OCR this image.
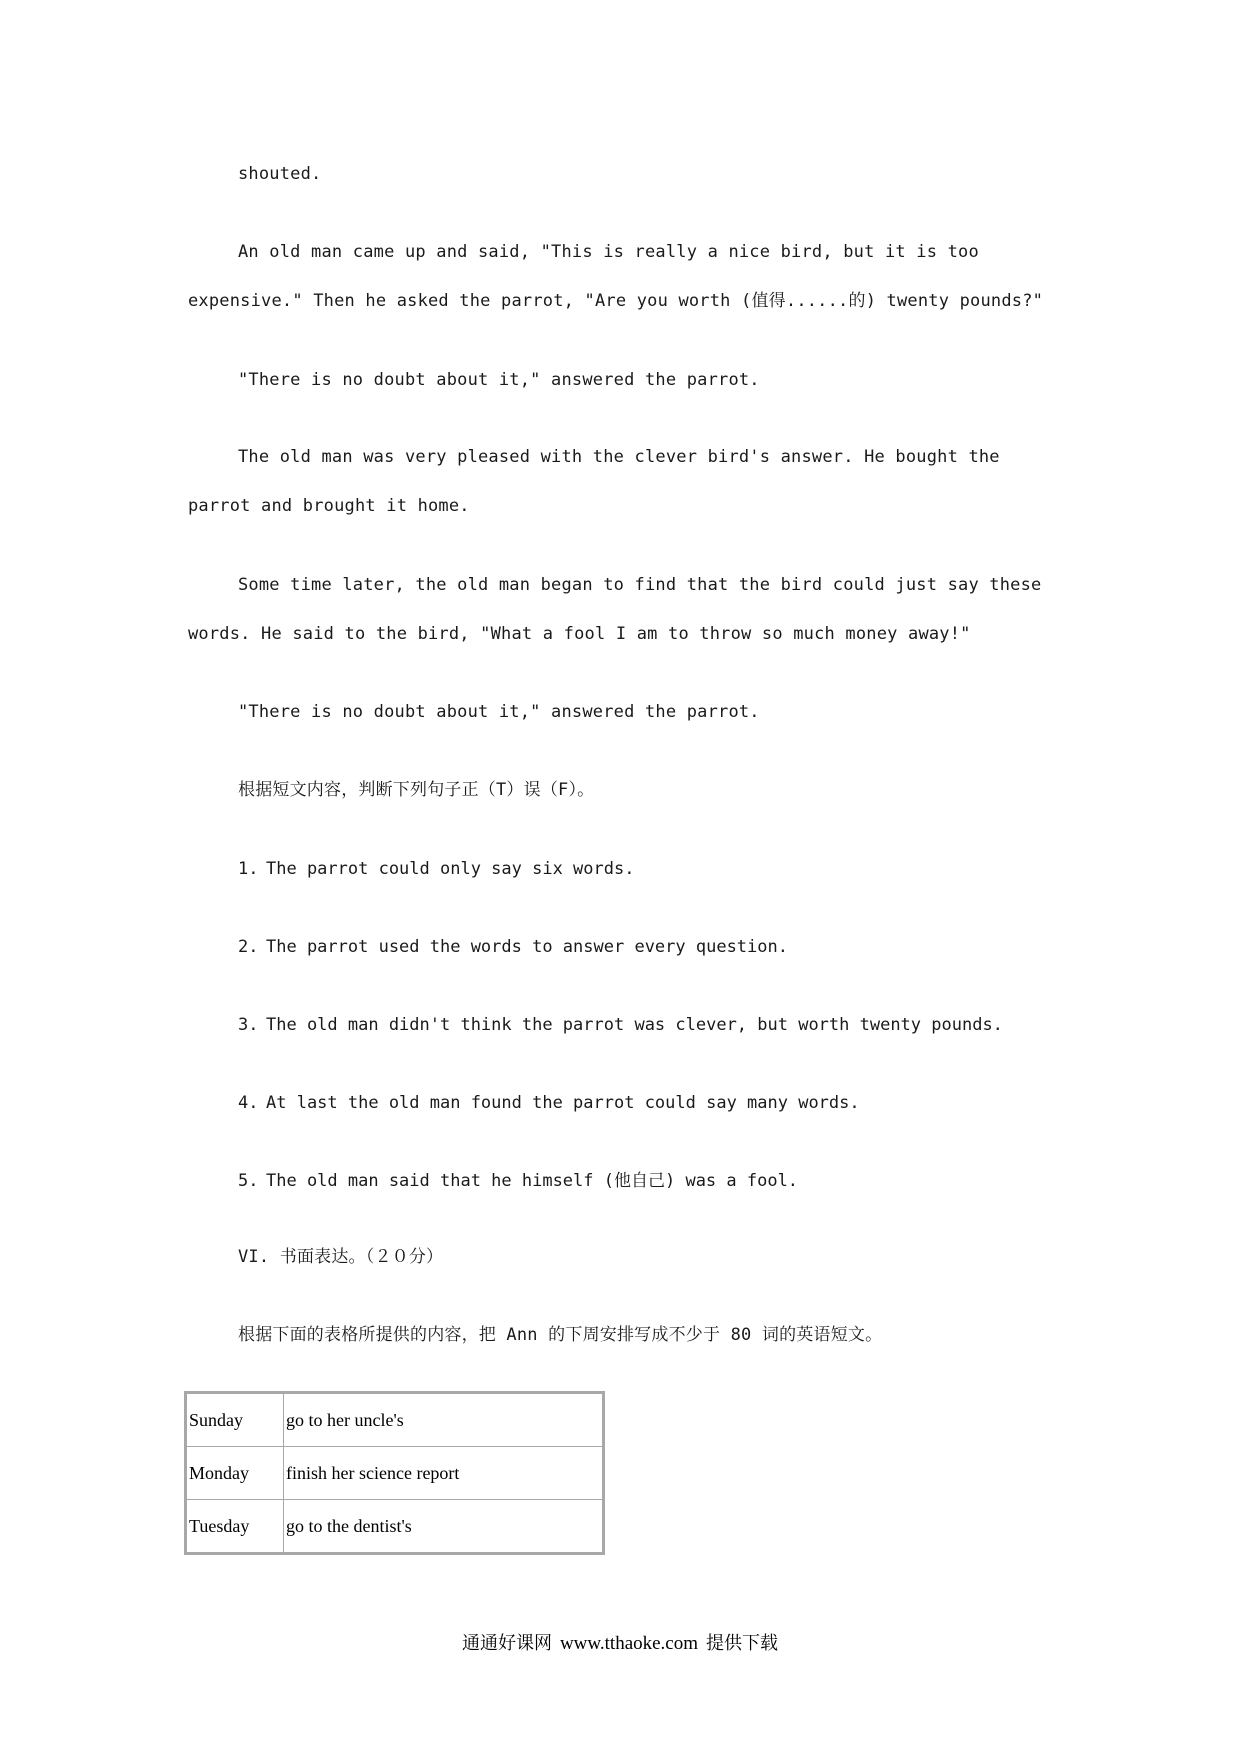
shouted.

An old man came up and said, "This is really a nice bird, but it is too expensive." Then he asked the parrot, "Are you worth (值得......的) twenty pounds?"

"There is no doubt about it," answered the parrot.

The old man was very pleased with the clever bird's answer. He bought the parrot and brought it home.

Some time later, the old man began to find that the bird could just say these words. He said to the bird, "What a fool I am to throw so much money away!"

"There is no doubt about it," answered the parrot.

根据短文内容，判断下列句子正（T）误（F）。

1. The parrot could only say six words.

2. The parrot used the words to answer every question.

3. The old man didn't think the parrot was clever, but worth twenty pounds.

4. At last the old man found the parrot could say many words.

5. The old man said that he himself (他自己) was a fool.

VI. 书面表达。（２０分）

根据下面的表格所提供的内容，把 Ann 的下周安排写成不少于 80 词的英语短文。

Sunday	go to her uncle's
Monday	finish her science report
Tuesday	go to the dentist's
通通好课网 www.tthaoke.com 提供下载
